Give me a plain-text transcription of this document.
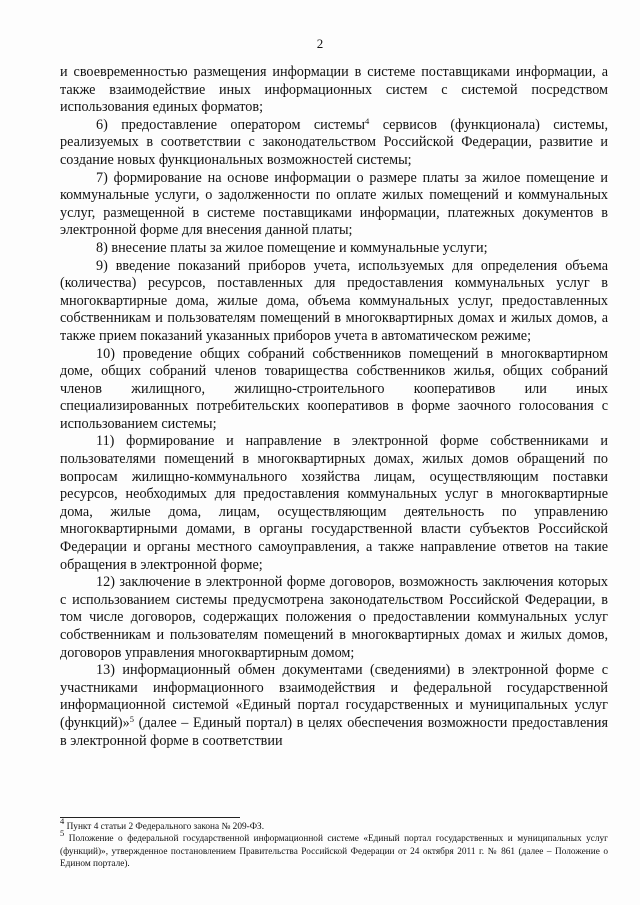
2

и своевременностью размещения информации в системе поставщиками информации, а также взаимодействие иных информационных систем с системой посредством использования единых форматов;

6) предоставление оператором системы$^4$ сервисов (функционала) системы, реализуемых в соответствии с законодательством Российской Федерации, развитие и создание новых функциональных возможностей системы;

7) формирование на основе информации о размере платы за жилое помещение и коммунальные услуги, о задолженности по оплате жилых помещений и коммунальных услуг, размещенной в системе поставщиками информации, платежных документов в электронной форме для внесения данной платы;

8) внесение платы за жилое помещение и коммунальные услуги;

9) введение показаний приборов учета, используемых для определения объема (количества) ресурсов, поставленных для предоставления коммунальных услуг в многоквартирные дома, жилые дома, объема коммунальных услуг, предоставленных собственникам и пользователям помещений в многоквартирных домах и жилых домов, а также прием показаний указанных приборов учета в автоматическом режиме;

10) проведение общих собраний собственников помещений в многоквартирном доме, общих собраний членов товарищества собственников жилья, общих собраний членов жилищного, жилищно-строительного кооперативов или иных специализированных потребительских кооперативов в форме заочного голосования с использованием системы;

11) формирование и направление в электронной форме собственниками и пользователями помещений в многоквартирных домах, жилых домов обращений по вопросам жилищно-коммунального хозяйства лицам, осуществляющим поставки ресурсов, необходимых для предоставления коммунальных услуг в многоквартирные дома, жилые дома, лицам, осуществляющим деятельность по управлению многоквартирными домами, в органы государственной власти субъектов Российской Федерации и органы местного самоуправления, а также направление ответов на такие обращения в электронной форме;

12) заключение в электронной форме договоров, возможность заключения которых с использованием системы предусмотрена законодательством Российской Федерации, в том числе договоров, содержащих положения о предоставлении коммунальных услуг собственникам и пользователям помещений в многоквартирных домах и жилых домов, договоров управления многоквартирным домом;

13) информационный обмен документами (сведениями) в электронной форме с участниками информационного взаимодействия и федеральной государственной информационной системой «Единый портал государственных и муниципальных услуг (функций)»$^5$ (далее – Единый портал) в целях обеспечения возможности предоставления в электронной форме в соответствии

$^4$ Пункт 4 статьи 2 Федерального закона № 209-ФЗ.

$^5$ Положение о федеральной государственной информационной системе «Единый портал государственных и муниципальных услуг (функций)», утвержденное постановлением Правительства Российской Федерации от 24 октября 2011 г. № 861 (далее – Положение о Едином портале).
